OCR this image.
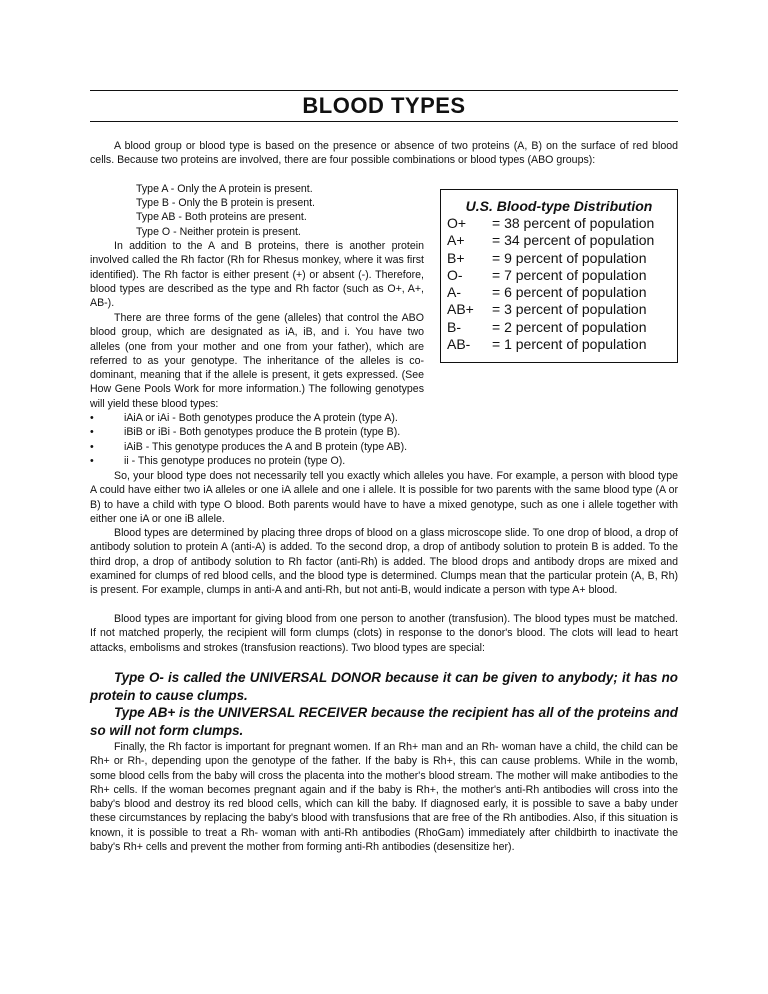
BLOOD TYPES

A blood group or blood type is based on the presence or absence of two proteins (A, B) on the surface of red blood cells. Because two proteins are involved, there are four possible combinations or blood types (ABO groups):

Type A - Only the A protein is present.
Type B - Only the B protein is present.
Type AB - Both proteins are present.
Type O - Neither protein is present.

In addition to the A and B proteins, there is another protein involved called the Rh factor (Rh for Rhesus monkey, where it was first identified). The Rh factor is either present (+) or absent (-). Therefore, blood types are described as the type and Rh factor (such as O+, A+, AB-).

There are three forms of the gene (alleles) that control the ABO blood group, which are designated as iA, iB, and i. You have two alleles (one from your mother and one from your father), which are referred to as your genotype. The inheritance of the alleles is co-dominant, meaning that if the allele is present, it gets expressed. (See How Gene Pools Work for more information.) The following genotypes will yield these blood types:

•	iAiA or iAi - Both genotypes produce the A protein (type A).
•	iBiB or iBi - Both genotypes produce the B protein (type B).
•	iAiB - This genotype produces the A and B protein (type AB).
•	ii - This genotype produces no protein (type O).

So, your blood type does not necessarily tell you exactly which alleles you have. For example, a person with blood type A could have either two iA alleles or one iA allele and one i allele. It is possible for two parents with the same blood type (A or B) to have a child with type O blood. Both parents would have to have a mixed genotype, such as one i allele together with either one iA or one iB allele.

Blood types are determined by placing three drops of blood on a glass microscope slide. To one drop of blood, a drop of antibody solution to protein A (anti-A) is added. To the second drop, a drop of antibody solution to protein B is added. To the third drop, a drop of antibody solution to Rh factor (anti-Rh) is added. The blood drops and antibody drops are mixed and examined for clumps of red blood cells, and the blood type is determined. Clumps mean that the particular protein (A, B, Rh) is present. For example, clumps in anti-A and anti-Rh, but not anti-B, would indicate a person with type A+ blood.

Blood types are important for giving blood from one person to another (transfusion). The blood types must be matched. If not matched properly, the recipient will form clumps (clots) in response to the donor's blood. The clots will lead to heart attacks, embolisms and strokes (transfusion reactions). Two blood types are special:

Type O- is called the UNIVERSAL DONOR because it can be given to anybody; it has no protein to cause clumps.

Type AB+ is the UNIVERSAL RECEIVER because the recipient has all of the proteins and so will not form clumps.

Finally, the Rh factor is important for pregnant women. If an Rh+ man and an Rh- woman have a child, the child can be Rh+ or Rh-, depending upon the genotype of the father. If the baby is Rh+, this can cause problems. While in the womb, some blood cells from the baby will cross the placenta into the mother's blood stream. The mother will make antibodies to the Rh+ cells. If the woman becomes pregnant again and if the baby is Rh+, the mother's anti-Rh antibodies will cross into the baby's blood and destroy its red blood cells, which can kill the baby. If diagnosed early, it is possible to save a baby under these circumstances by replacing the baby's blood with transfusions that are free of the Rh antibodies. Also, if this situation is known, it is possible to treat a Rh- woman with anti-Rh antibodies (RhoGam) immediately after childbirth to inactivate the baby's Rh+ cells and prevent the mother from forming anti-Rh antibodies (desensitize her).

U.S. Blood-type Distribution
O+ = 38 percent of population
A+ = 34 percent of population
B+ = 9 percent of population
O- = 7 percent of population
A- = 6 percent of population
AB+ = 3 percent of population
B- = 2 percent of population
AB- = 1 percent of population
